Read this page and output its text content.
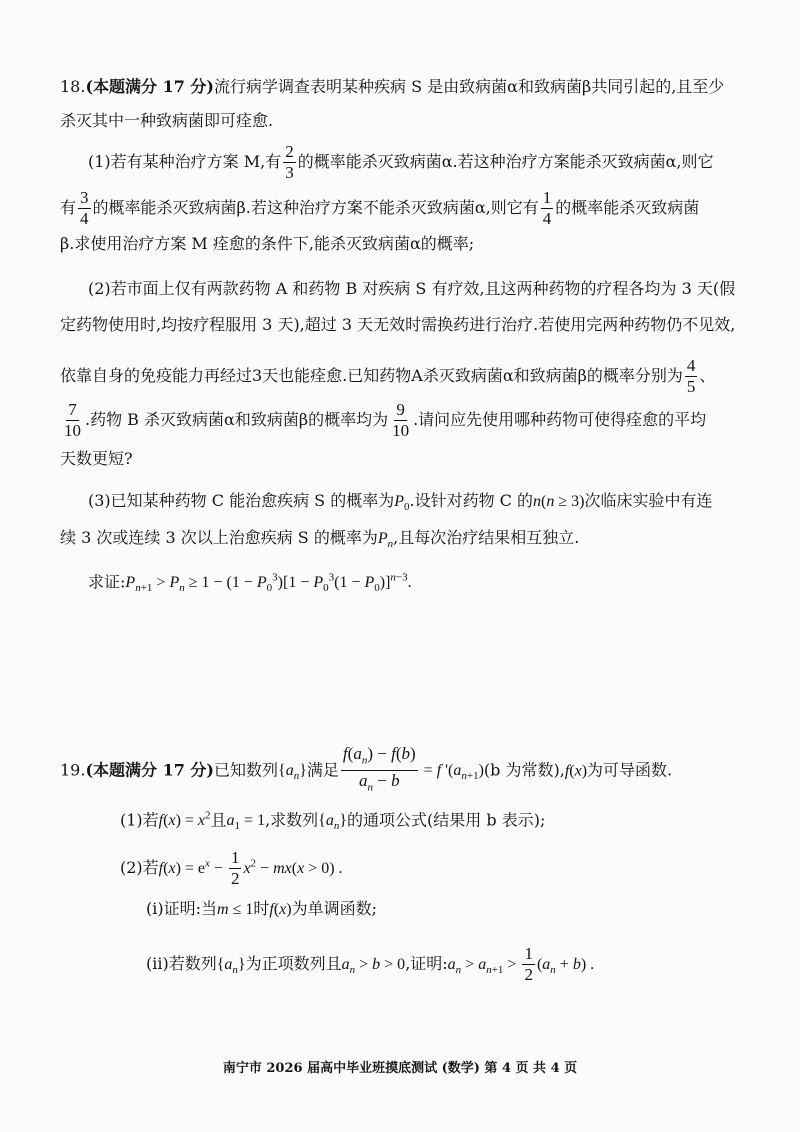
18.(本题满分 17 分)流行病学调查表明某种疾病 S 是由致病菌α和致病菌β共同引起的,且至少
杀灭其中一种致病菌即可痊愈.
(1)若有某种治疗方案 M,有 $\frac{2}{3}$ 的概率能杀灭致病菌α.若这种治疗方案能杀灭致病菌α,则它
有 $\frac{3}{4}$ 的概率能杀灭致病菌β.若这种治疗方案不能杀灭致病菌α,则它有 $\frac{1}{4}$ 的概率能杀灭致病菌
β.求使用治疗方案 M 痊愈的条件下,能杀灭致病菌α的概率;
(2)若市面上仅有两款药物 A 和药物 B 对疾病 S 有疗效,且这两种药物的疗程各均为 3 天(假
定药物使用时,均按疗程服用 3 天),超过 3 天无效时需换药进行治疗.若使用完两种药物仍不见效,
依靠自身的免疫能力再经过3天也能痊愈.已知药物A杀灭致病菌α和致病菌β的概率分别为 $\frac{4}{5}$ 、
$\frac{7}{10}$ .药物 B 杀灭致病菌α和致病菌β的概率均为 $\frac{9}{10}$ .请问应先使用哪种药物可使得痊愈的平均
天数更短?
(3)已知某种药物 C 能治愈疾病 S 的概率为$P_0$.设针对药物 C 的n(n ≥ 3)次临床实验中有连
续 3 次或连续 3 次以上治愈疾病 S 的概率为$P_n$,且每次治疗结果相互独立.
求证$:P_{n+1} > P_n \ge 1 - (1 - P_0^3)[1 - P_0^3(1 - P_0)]^{n-3}$.
19.(本题满分 17 分)已知数列$\{a_n\}$满足 $\frac{f(a_n) - f(b)}{a_n - b} = f$ '$(a_{n+1})(b$ 为常数),f(x)为可导函数.
(1)若$f(x) = x^2$且$a_1 = 1$,求数列$\{a_n\}$的通项公式(结果用 b 表示);
(2)若$f(x) = e^x - \frac{1}{2} x^2 - mx(x > 0)$ .
(i)证明:当m ≤ 1时f(x)为单调函数;
(ii)若数列$\{a_n\}$为正项数列且$a_n > b > 0$,证明$:a_n > a_{n+1} > \frac{1}{2} (a_n + b)$ .
南宁市 2026 届高中毕业班摸底测试 (数学) 第 4 页 共 4 页
